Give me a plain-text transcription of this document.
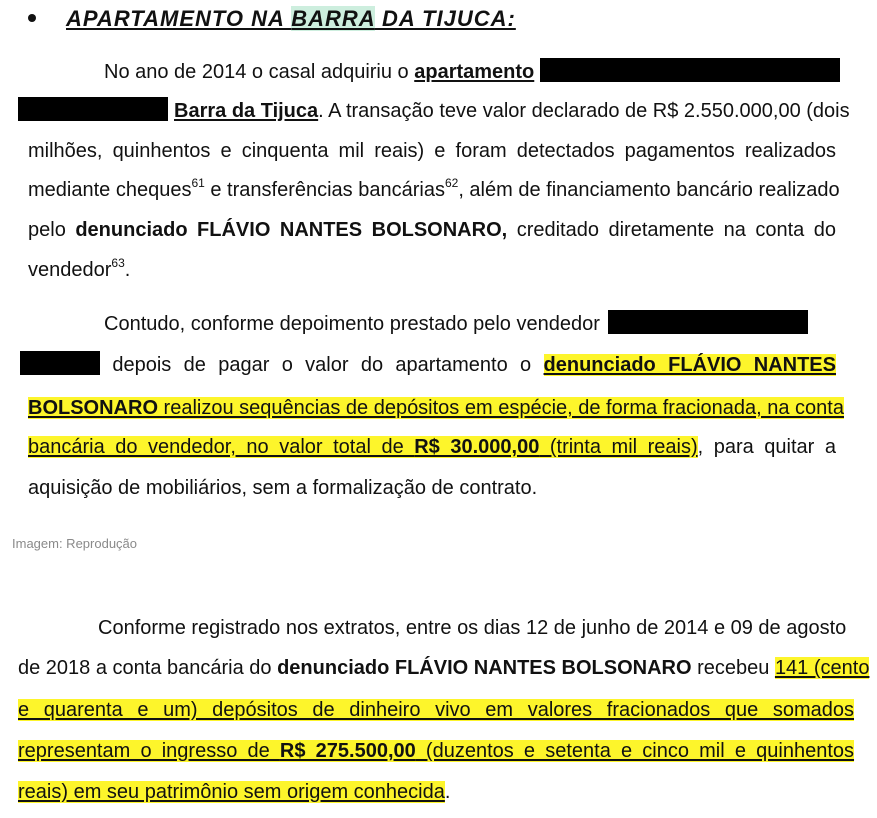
APARTAMENTO NA BARRA DA TIJUCA:
No ano de 2014 o casal adquiriu o apartamento
Barra da Tijuca. A transação teve valor declarado de R$ 2.550.000,00 (dois
milhões, quinhentos e cinquenta mil reais) e foram detectados pagamentos realizados
mediante cheques$^{61}$ e transferências bancárias$^{62}$, além de financiamento bancário realizado
pelo denunciado FLÁVIO NANTES BOLSONARO, creditado diretamente na conta do
vendedor$^{63}$.
Contudo, conforme depoimento prestado pelo vendedor
depois de pagar o valor do apartamento o denunciado FLÁVIO NANTES
BOLSONARO realizou sequências de depósitos em espécie, de forma fracionada, na conta
bancária do vendedor, no valor total de R$ 30.000,00 (trinta mil reais), para quitar a
aquisição de mobiliários, sem a formalização de contrato.
Imagem: Reprodução
Conforme registrado nos extratos, entre os dias 12 de junho de 2014 e 09 de agosto
de 2018 a conta bancária do denunciado FLÁVIO NANTES BOLSONARO recebeu 141 (cento
e quarenta e um) depósitos de dinheiro vivo em valores fracionados que somados
representam o ingresso de R$ 275.500,00 (duzentos e setenta e cinco mil e quinhentos
reais) em seu patrimônio sem origem conhecida.
